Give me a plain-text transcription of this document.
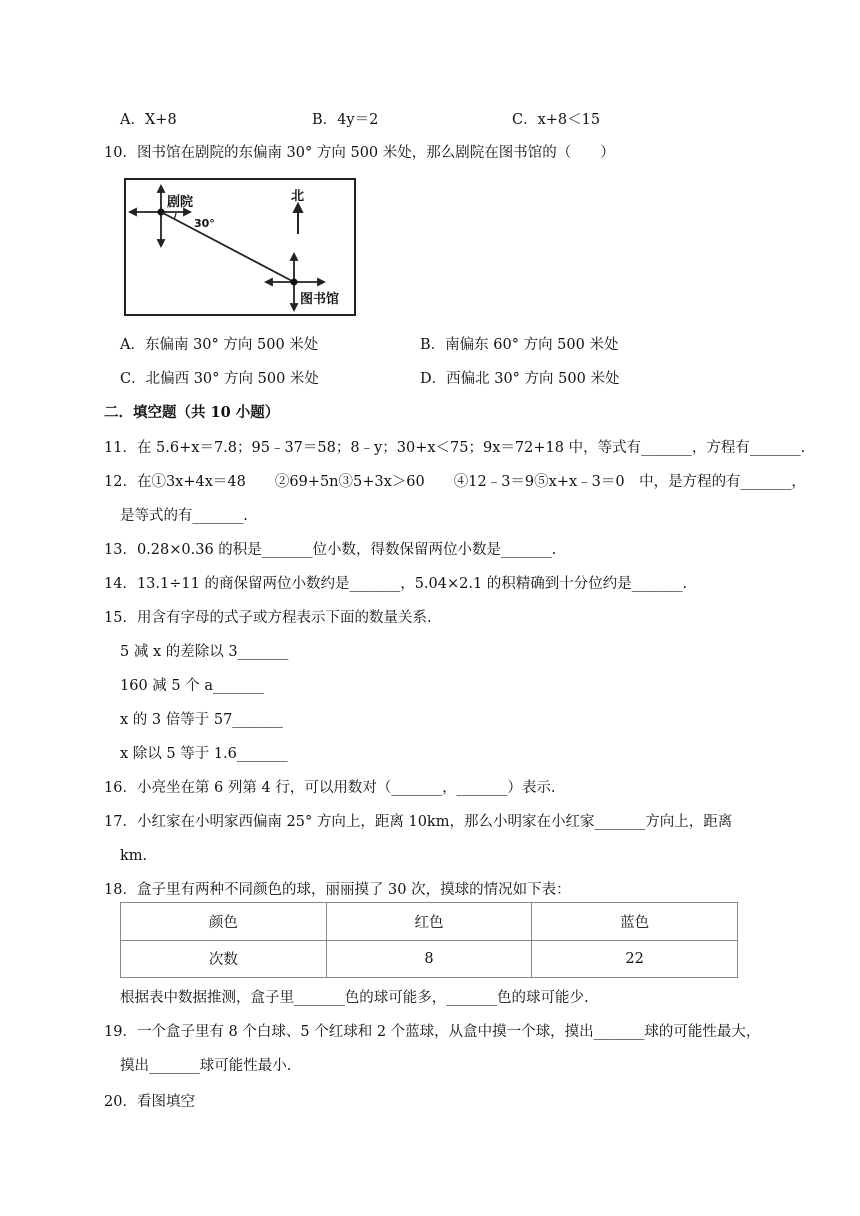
A．X+8	B．4y＝2	C．x+8＜15
10．图书馆在剧院的东偏南 30° 方向 500 米处，那么剧院在图书馆的（　　）
剧院
30°
图书馆
北
A．东偏南 30° 方向 500 米处	B．南偏东 60° 方向 500 米处
C．北偏西 30° 方向 500 米处	D．西偏北 30° 方向 500 米处
二．填空题（共 10 小题）
11．在 5.6+x＝7.8；95﹣37＝58；8﹣y；30+x＜75；9x＝72+18 中，等式有_______，方程有_______.
12．在①3x+4x＝48　　②69+5n③5+3x＞60　　④12﹣3＝9⑤x+x﹣3＝0　中，是方程的有_______，
是等式的有_______.
13．0.28×0.36 的积是_______位小数，得数保留两位小数是_______.
14．13.1÷11 的商保留两位小数约是_______，5.04×2.1 的积精确到十分位约是_______.
15．用含有字母的式子或方程表示下面的数量关系.
5 减 x 的差除以 3_______
160 减 5 个 a_______
x 的 3 倍等于 57_______
x 除以 5 等于 1.6_______
16．小亮坐在第 6 列第 4 行，可以用数对（_______，_______）表示.
17．小红家在小明家西偏南 25° 方向上，距离 10km，那么小明家在小红家_______方向上，距离
km.
18．盒子里有两种不同颜色的球，丽丽摸了 30 次，摸球的情况如下表：
颜色	红色	蓝色
次数	8	22
根据表中数据推测，盒子里_______色的球可能多，_______色的球可能少.
19．一个盒子里有 8 个白球、5 个红球和 2 个蓝球，从盒中摸一个球，摸出_______球的可能性最大，
摸出_______球可能性最小.
20．看图填空
